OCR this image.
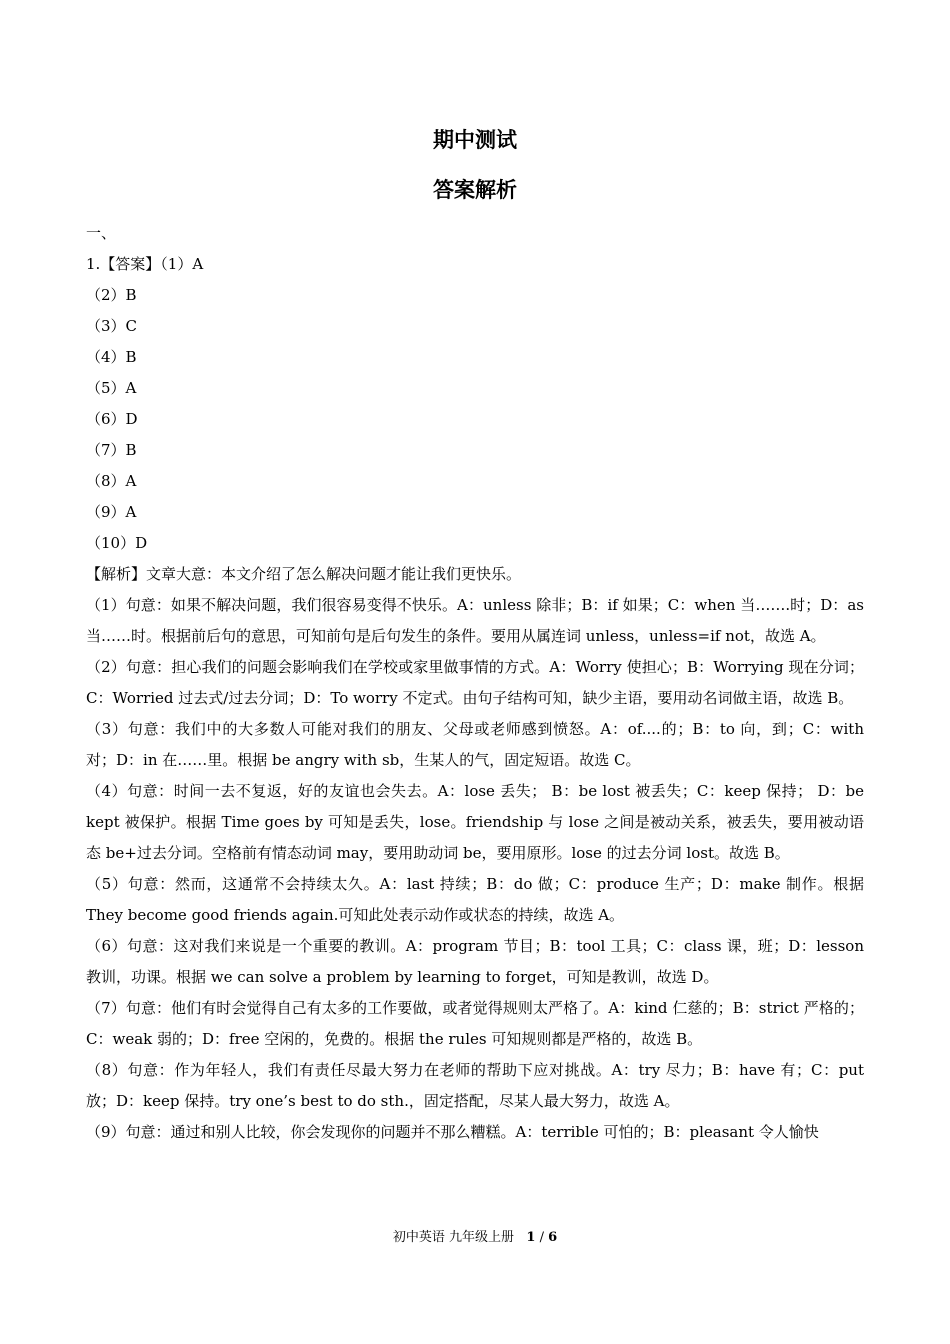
期中测试
答案解析
一、
1.【答案】（1）A
（2）B
（3）C
（4）B
（5）A
（6）D
（7）B
（8）A
（9）A
（10）D
【解析】文章大意：本文介绍了怎么解决问题才能让我们更快乐。
（1）句意：如果不解决问题，我们很容易变得不快乐。A：unless 除非；B：if 如果；C：when 当…….时；D：as 当……时。根据前后句的意思，可知前句是后句发生的条件。要用从属连词 unless，unless=if not，故选 A。
（2）句意：担心我们的问题会影响我们在学校或家里做事情的方式。A：Worry 使担心；B：Worrying 现在分词；C：Worried 过去式/过去分词；D：To worry 不定式。由句子结构可知，缺少主语，要用动名词做主语，故选 B。
（3）句意：我们中的大多数人可能对我们的朋友、父母或老师感到愤怒。A：of....的；B：to 向，到；C：with 对；D：in 在……里。根据 be angry with sb，生某人的气，固定短语。故选 C。
（4）句意：时间一去不复返，好的友谊也会失去。A：lose 丢失； B：be lost 被丢失；C：keep 保持； D：be kept 被保护。根据 Time goes by 可知是丢失，lose。friendship 与 lose 之间是被动关系，被丢失，要用被动语态 be+过去分词。空格前有情态动词 may，要用助动词 be，要用原形。lose 的过去分词 lost。故选 B。
（5）句意：然而，这通常不会持续太久。A：last 持续；B：do 做；C：produce 生产；D：make 制作。根据 They become good friends again.可知此处表示动作或状态的持续，故选 A。
（6）句意：这对我们来说是一个重要的教训。A：program 节目；B：tool 工具；C：class 课，班；D：lesson 教训，功课。根据 we can solve a problem by learning to forget，可知是教训，故选 D。
（7）句意：他们有时会觉得自己有太多的工作要做，或者觉得规则太严格了。A：kind 仁慈的；B：strict 严格的；C：weak 弱的；D：free 空闲的，免费的。根据 the rules 可知规则都是严格的，故选 B。
（8）句意：作为年轻人，我们有责任尽最大努力在老师的帮助下应对挑战。A：try 尽力；B：have 有；C：put 放；D：keep 保持。try one’s best to do sth.，固定搭配，尽某人最大努力，故选 A。
（9）句意：通过和别人比较，你会发现你的问题并不那么糟糕。A：terrible 可怕的；B：pleasant 令人愉快
初中英语 九年级上册 1 / 6
